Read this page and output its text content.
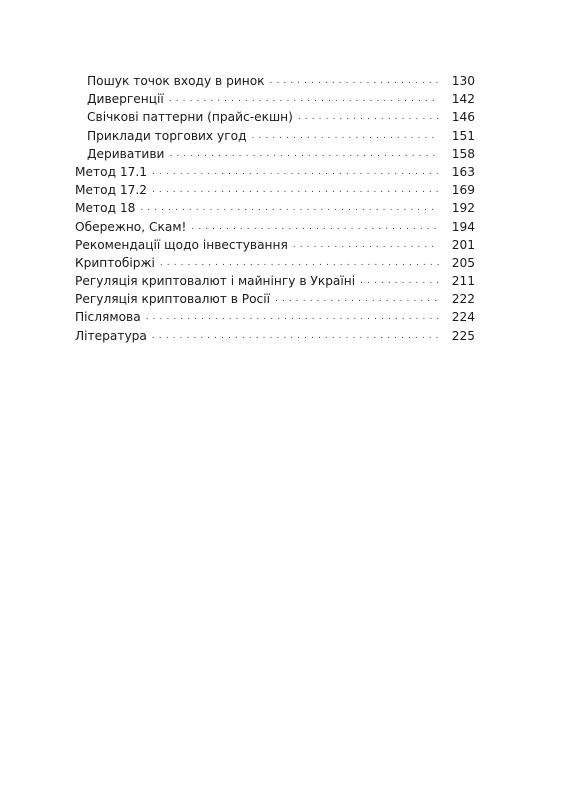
Пошук точок входу в ринок . . .	130
Дивергенції . . .	142
Свічкові паттерни (прайс-екшн) . . .	146
Приклади торгових угод . . .	151
Деривативи . . .	158
Метод 17.1 . . .	163
Метод 17.2 . . .	169
Метод 18 . . .	192
Обережно, Скам! . . .	194
Рекомендації щодо інвестування . . .	201
Криптобіржі . . .	205
Регуляція криптовалют і майнінгу в Україні . . .	211
Регуляція криптовалют в Росії . . .	222
Післямова . . .	224
Література . . .	225
